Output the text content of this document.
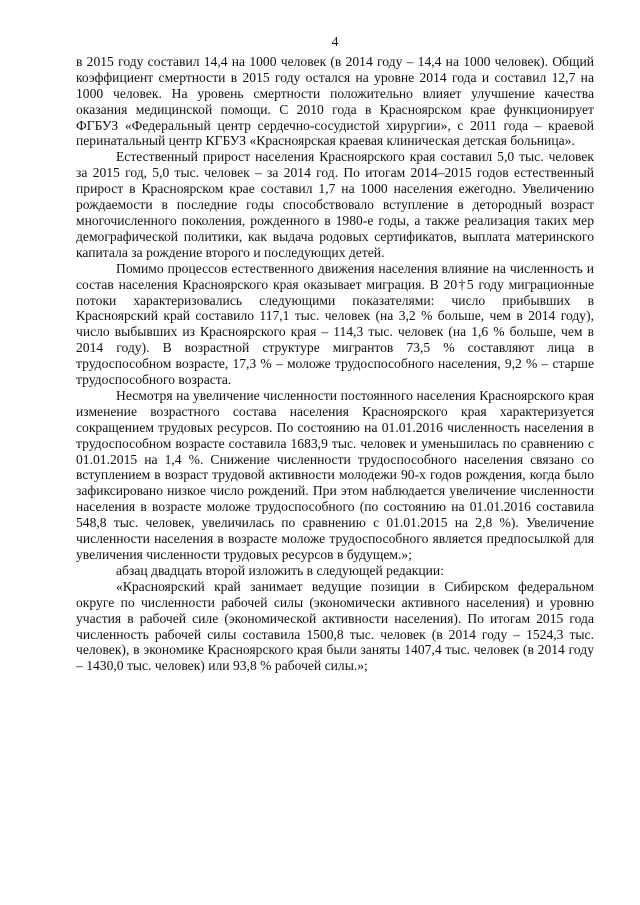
4

в 2015 году составил 14,4 на 1000 человек (в 2014 году – 14,4 на 1000 человек). Общий коэффициент смертности в 2015 году остался на уровне 2014 года и составил 12,7 на 1000 человек. На уровень смертности положительно влияет улучшение качества оказания медицинской помощи. С 2010 года в Красноярском крае функционирует ФГБУЗ «Федеральный центр сердечно-сосудистой хирургии», с 2011 года – краевой перинатальный центр КГБУЗ «Красноярская краевая клиническая детская больница».

Естественный прирост населения Красноярского края составил 5,0 тыс. человек за 2015 год, 5,0 тыс. человек – за 2014 год. По итогам 2014–2015 годов естественный прирост в Красноярском крае составил 1,7 на 1000 населения ежегодно. Увеличению рождаемости в последние годы способствовало вступление в детородный возраст многочисленного поколения, рожденного в 1980-е годы, а также реализация таких мер демографической политики, как выдача родовых сертификатов, выплата материнского капитала за рождение второго и последующих детей.

Помимо процессов естественного движения населения влияние на численность и состав населения Красноярского края оказывает миграция. В 20†5 году миграционные потоки характеризовались следующими показателями: число прибывших в Красноярский край составило 117,1 тыс. человек (на 3,2 % больше, чем в 2014 году), число выбывших из Красноярского края – 114,3 тыс. человек (на 1,6 % больше, чем в 2014 году). В возрастной структуре мигрантов 73,5 % составляют лица в трудоспособном возрасте, 17,3 % – моложе трудоспособного населения, 9,2 % – старше трудоспособного возраста.

Несмотря на увеличение численности постоянного населения Красноярского края изменение возрастного состава населения Красноярского края характеризуется сокращением трудовых ресурсов. По состоянию на 01.01.2016 численность населения в трудоспособном возрасте составила 1683,9 тыс. человек и уменьшилась по сравнению с 01.01.2015 на 1,4 %. Снижение численности трудоспособного населения связано со вступлением в возраст трудовой активности молодежи 90-х годов рождения, когда было зафиксировано низкое число рождений. При этом наблюдается увеличение численности населения в возрасте моложе трудоспособного (по состоянию на 01.01.2016 составила 548,8 тыс. человек, увеличилась по сравнению с 01.01.2015 на 2,8 %). Увеличение численности населения в возрасте моложе трудоспособного является предпосылкой для увеличения численности трудовых ресурсов в будущем.»;

абзац двадцать второй изложить в следующей редакции:

«Красноярский край занимает ведущие позиции в Сибирском федеральном округе по численности рабочей силы (экономически активного населения) и уровню участия в рабочей силе (экономической активности населения). По итогам 2015 года численность рабочей силы составила 1500,8 тыс. человек (в 2014 году – 1524,3 тыс. человек), в экономике Красноярского края были заняты 1407,4 тыс. человек (в 2014 году – 1430,0 тыс. человек) или 93,8 % рабочей силы.»;
